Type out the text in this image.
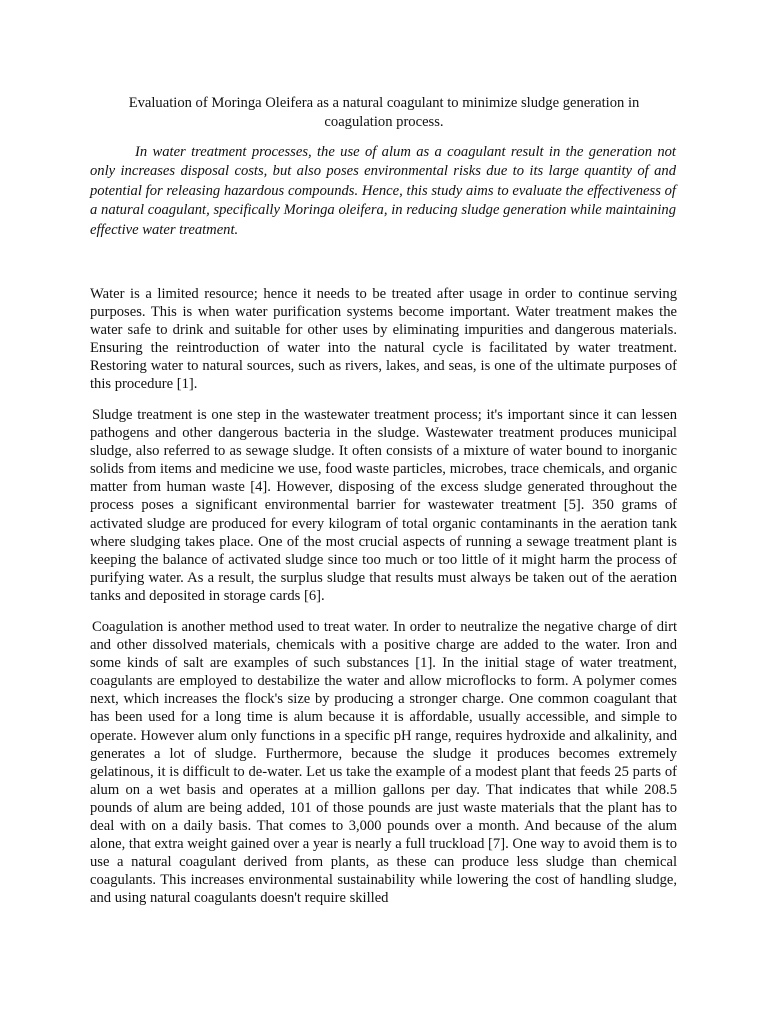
Evaluation of Moringa Oleifera as a natural coagulant to minimize sludge generation in coagulation process.

In water treatment processes, the use of alum as a coagulant result in the generation not only increases disposal costs, but also poses environmental risks due to its large quantity of and potential for releasing hazardous compounds. Hence, this study aims to evaluate the effectiveness of a natural coagulant, specifically Moringa oleifera, in reducing sludge generation while maintaining effective water treatment.

Water is a limited resource; hence it needs to be treated after usage in order to continue serving purposes. This is when water purification systems become important. Water treatment makes the water safe to drink and suitable for other uses by eliminating impurities and dangerous materials. Ensuring the reintroduction of water into the natural cycle is facilitated by water treatment. Restoring water to natural sources, such as rivers, lakes, and seas, is one of the ultimate purposes of this procedure [1].

Sludge treatment is one step in the wastewater treatment process; it's important since it can lessen pathogens and other dangerous bacteria in the sludge. Wastewater treatment produces municipal sludge, also referred to as sewage sludge. It often consists of a mixture of water bound to inorganic solids from items and medicine we use, food waste particles, microbes, trace chemicals, and organic matter from human waste [4]. However, disposing of the excess sludge generated throughout the process poses a significant environmental barrier for wastewater treatment [5]. 350 grams of activated sludge are produced for every kilogram of total organic contaminants in the aeration tank where sludging takes place. One of the most crucial aspects of running a sewage treatment plant is keeping the balance of activated sludge since too much or too little of it might harm the process of purifying water. As a result, the surplus sludge that results must always be taken out of the aeration tanks and deposited in storage cards [6].

Coagulation is another method used to treat water. In order to neutralize the negative charge of dirt and other dissolved materials, chemicals with a positive charge are added to the water. Iron and some kinds of salt are examples of such substances [1]. In the initial stage of water treatment, coagulants are employed to destabilize the water and allow microflocks to form. A polymer comes next, which increases the flock's size by producing a stronger charge. One common coagulant that has been used for a long time is alum because it is affordable, usually accessible, and simple to operate. However alum only functions in a specific pH range, requires hydroxide and alkalinity, and generates a lot of sludge. Furthermore, because the sludge it produces becomes extremely gelatinous, it is difficult to de-water. Let us take the example of a modest plant that feeds 25 parts of alum on a wet basis and operates at a million gallons per day. That indicates that while 208.5 pounds of alum are being added, 101 of those pounds are just waste materials that the plant has to deal with on a daily basis. That comes to 3,000 pounds over a month. And because of the alum alone, that extra weight gained over a year is nearly a full truckload [7]. One way to avoid them is to use a natural coagulant derived from plants, as these can produce less sludge than chemical coagulants. This increases environmental sustainability while lowering the cost of handling sludge, and using natural coagulants doesn't require skilled
